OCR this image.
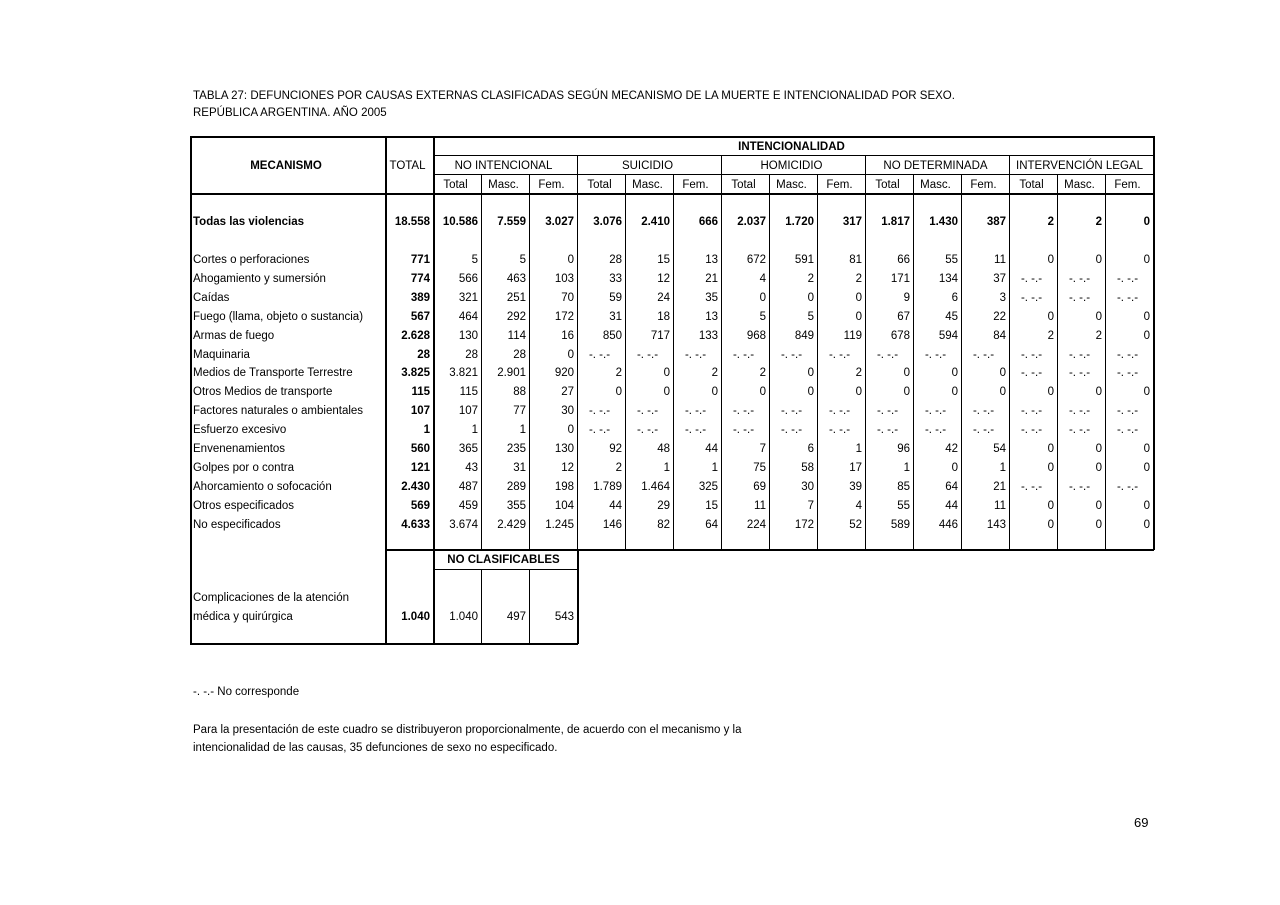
TABLA 27: DEFUNCIONES POR CAUSAS EXTERNAS CLASIFICADAS SEGÚN MECANISMO DE LA MUERTE E INTENCIONALIDAD POR SEXO.
REPÚBLICA ARGENTINA. AÑO 2005
MECANISMO	TOTAL
INTENCIONALIDAD
NO INTENCIONAL	SUICIDIO	HOMICIDIO	NO DETERMINADA	INTERVENCIÓN LEGAL
Total	Masc.	Fem.	Total	Masc.	Fem.	Total	Masc.	Fem.	Total	Masc.	Fem.	Total	Masc.	Fem.
Todas las violencias	18.558	10.586	7.559	3.027	3.076	2.410	666	2.037	1.720	317	1.817	1.430	387	2	2	0
Cortes o perforaciones	771	5	5	0	28	15	13	672	591	81	66	55	11	0	0	0
Ahogamiento y sumersión	774	566	463	103	33	12	21	4	2	2	171	134	37	-. -.-	-. -.-	-. -.-
Caídas	389	321	251	70	59	24	35	0	0	0	9	6	3	-. -.-	-. -.-	-. -.-
Fuego (llama, objeto o sustancia)	567	464	292	172	31	18	13	5	5	0	67	45	22	0	0	0
Armas de fuego	2.628	130	114	16	850	717	133	968	849	119	678	594	84	2	2	0
Maquinaria	28	28	28	0	-. -.-	-. -.-	-. -.-	-. -.-	-. -.-	-. -.-	-. -.-	-. -.-	-. -.-	-. -.-	-. -.-	-. -.-
Medios de Transporte Terrestre	3.825	3.821	2.901	920	2	0	2	2	0	2	0	0	0	-. -.-	-. -.-	-. -.-
Otros Medios de transporte	115	115	88	27	0	0	0	0	0	0	0	0	0	0	0	0
Factores naturales o ambientales	107	107	77	30	-. -.-	-. -.-	-. -.-	-. -.-	-. -.-	-. -.-	-. -.-	-. -.-	-. -.-	-. -.-	-. -.-	-. -.-
Esfuerzo excesivo	1	1	1	0	-. -.-	-. -.-	-. -.-	-. -.-	-. -.-	-. -.-	-. -.-	-. -.-	-. -.-	-. -.-	-. -.-	-. -.-
Envenenamientos	560	365	235	130	92	48	44	7	6	1	96	42	54	0	0	0
Golpes por o contra	121	43	31	12	2	1	1	75	58	17	1	0	1	0	0	0
Ahorcamiento o sofocación	2.430	487	289	198	1.789	1.464	325	69	30	39	85	64	21	-. -.-	-. -.-	-. -.-
Otros especificados	569	459	355	104	44	29	15	11	7	4	55	44	11	0	0	0
No especificados	4.633	3.674	2.429	1.245	146	82	64	224	172	52	589	446	143	0	0	0
NO CLASIFICABLES
Complicaciones de la atención
médica y quirúrgica	1.040	1.040	497	543
-. -.- No corresponde
Para la presentación de este cuadro se distribuyeron proporcionalmente, de acuerdo con el mecanismo y la
intencionalidad de las causas, 35 defunciones de sexo no especificado.
69
